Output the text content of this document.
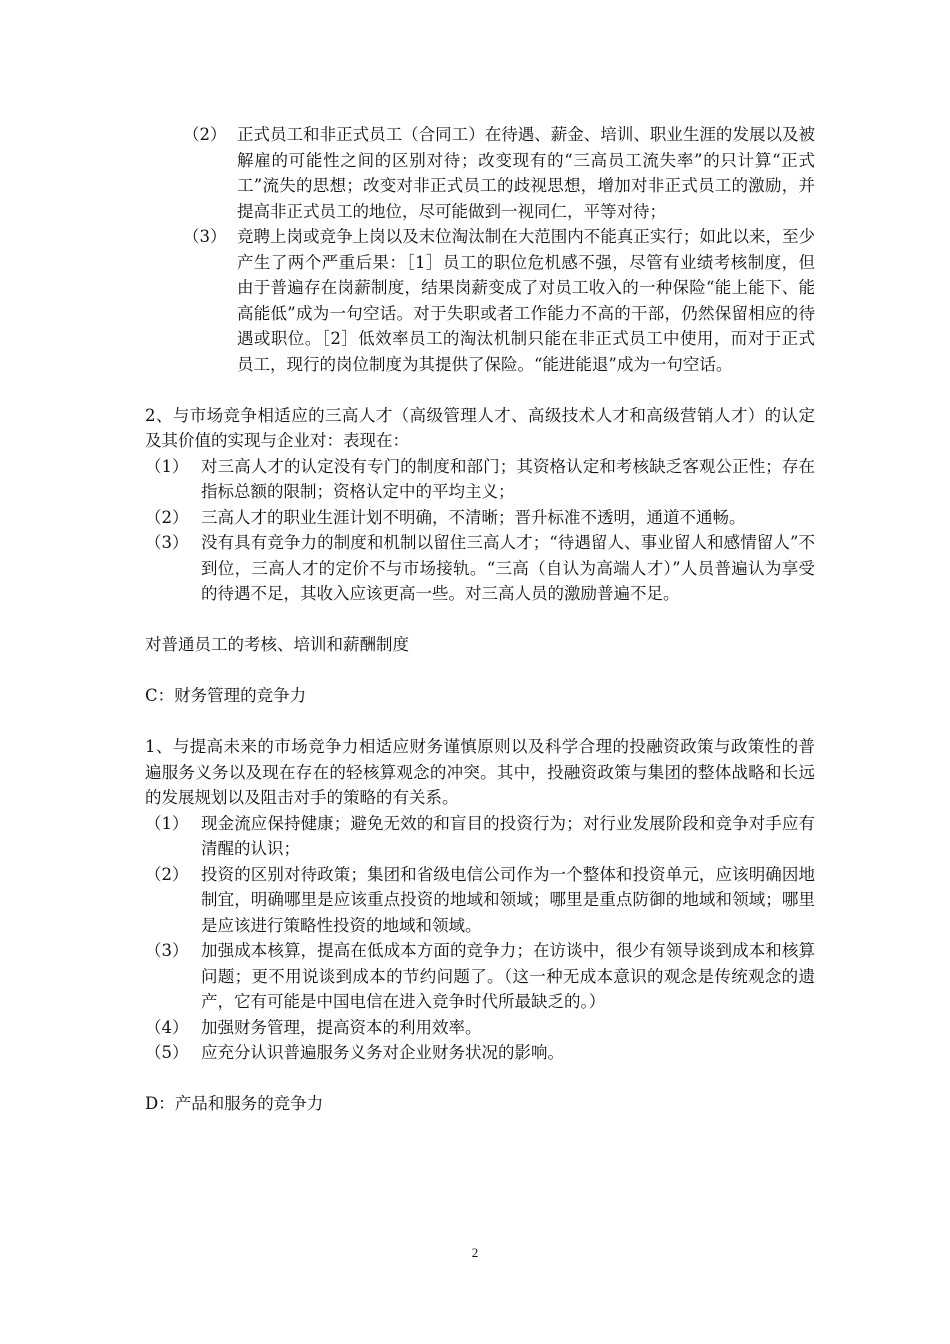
（2） 正式员工和非正式员工（合同工）在待遇、薪金、培训、职业生涯的发展以及被解雇的可能性之间的区别对待；改变现有的“三高员工流失率”的只计算“正式工”流失的思想；改变对非正式员工的歧视思想，增加对非正式员工的激励，并提高非正式员工的地位，尽可能做到一视同仁，平等对待；
（3） 竞聘上岗或竞争上岗以及末位淘汰制在大范围内不能真正实行；如此以来，至少产生了两个严重后果：［1］员工的职位危机感不强，尽管有业绩考核制度，但由于普遍存在岗薪制度，结果岗薪变成了对员工收入的一种保险“能上能下、能高能低”成为一句空话。对于失职或者工作能力不高的干部，仍然保留相应的待遇或职位。［2］低效率员工的淘汰机制只能在非正式员工中使用，而对于正式员工，现行的岗位制度为其提供了保险。“能进能退”成为一句空话。
2、与市场竞争相适应的三高人才（高级管理人才、高级技术人才和高级营销人才）的认定及其价值的实现与企业对：表现在：
（1） 对三高人才的认定没有专门的制度和部门；其资格认定和考核缺乏客观公正性；存在指标总额的限制；资格认定中的平均主义；
（2） 三高人才的职业生涯计划不明确，不清晰；晋升标准不透明，通道不通畅。
（3） 没有具有竞争力的制度和机制以留住三高人才；“待遇留人、事业留人和感情留人”不到位，三高人才的定价不与市场接轨。“三高（自认为高端人才）”人员普遍认为享受的待遇不足，其收入应该更高一些。对三高人员的激励普遍不足。
对普通员工的考核、培训和薪酬制度
C：财务管理的竞争力
1、与提高未来的市场竞争力相适应财务谨慎原则以及科学合理的投融资政策与政策性的普遍服务义务以及现在存在的轻核算观念的冲突。其中，投融资政策与集团的整体战略和长远的发展规划以及阻击对手的策略的有关系。
（1） 现金流应保持健康；避免无效的和盲目的投资行为；对行业发展阶段和竞争对手应有清醒的认识；
（2） 投资的区别对待政策；集团和省级电信公司作为一个整体和投资单元，应该明确因地制宜，明确哪里是应该重点投资的地域和领域；哪里是重点防御的地域和领域；哪里是应该进行策略性投资的地域和领域。
（3） 加强成本核算，提高在低成本方面的竞争力；在访谈中，很少有领导谈到成本和核算问题；更不用说谈到成本的节约问题了。（这一种无成本意识的观念是传统观念的遗产，它有可能是中国电信在进入竞争时代所最缺乏的。）
（4） 加强财务管理，提高资本的利用效率。
（5） 应充分认识普遍服务义务对企业财务状况的影响。
D：产品和服务的竞争力
2
